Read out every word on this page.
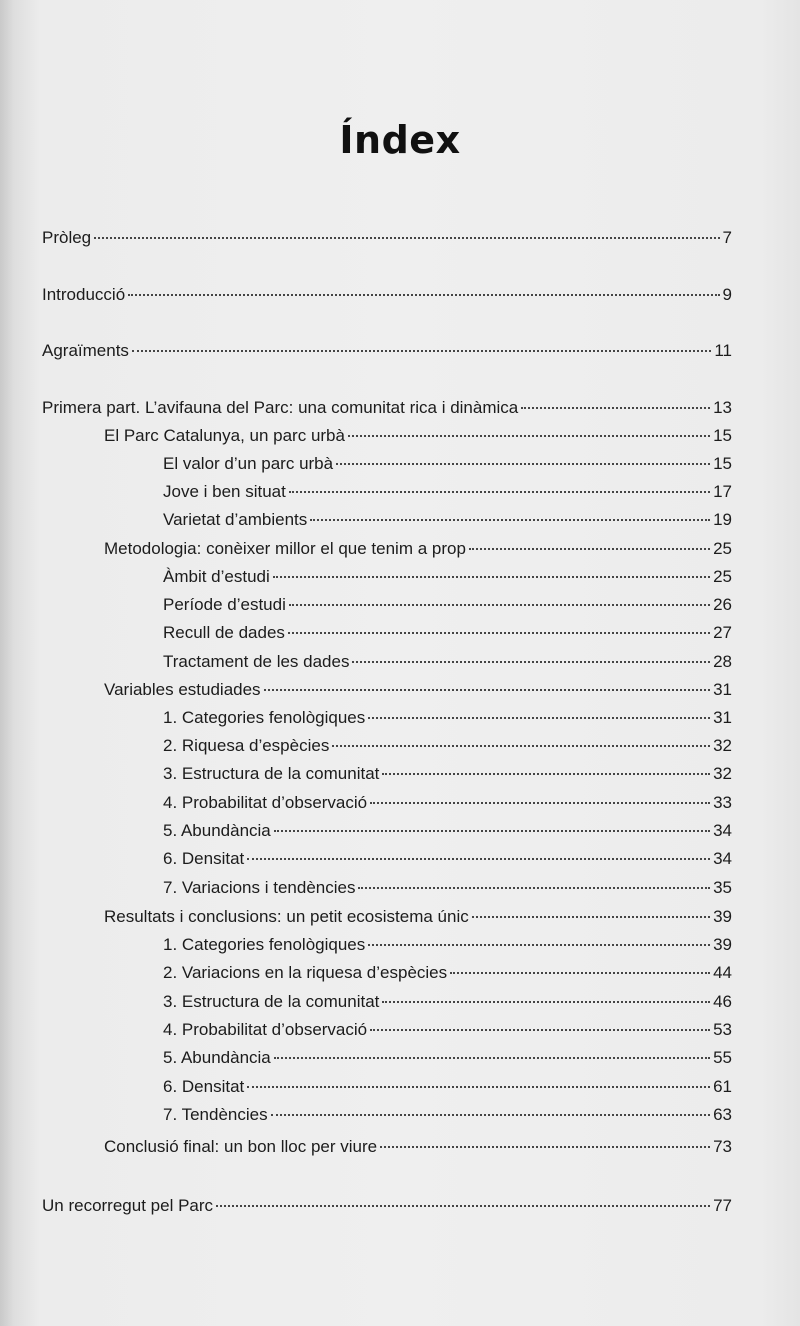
Índex
Pròleg	7
Introducció	9
Agraïments	11
Primera part. L’avifauna del Parc: una comunitat rica i dinàmica	13
El Parc Catalunya, un parc urbà	15
El valor d’un parc urbà	15
Jove i ben situat	17
Varietat d’ambients	19
Metodologia: conèixer millor el que tenim a prop	25
Àmbit d’estudi	25
Període d’estudi	26
Recull de dades	27
Tractament de les dades	28
Variables estudiades	31
1. Categories fenològiques	31
2. Riquesa d’espècies	32
3. Estructura de la comunitat	32
4. Probabilitat d’observació	33
5. Abundància	34
6. Densitat	34
7. Variacions i tendències	35
Resultats i conclusions: un petit ecosistema únic	39
1. Categories fenològiques	39
2. Variacions en la riquesa d’espècies	44
3. Estructura de la comunitat	46
4. Probabilitat d’observació	53
5. Abundància	55
6. Densitat	61
7. Tendències	63
Conclusió final: un bon lloc per viure	73
Un recorregut pel Parc	77
